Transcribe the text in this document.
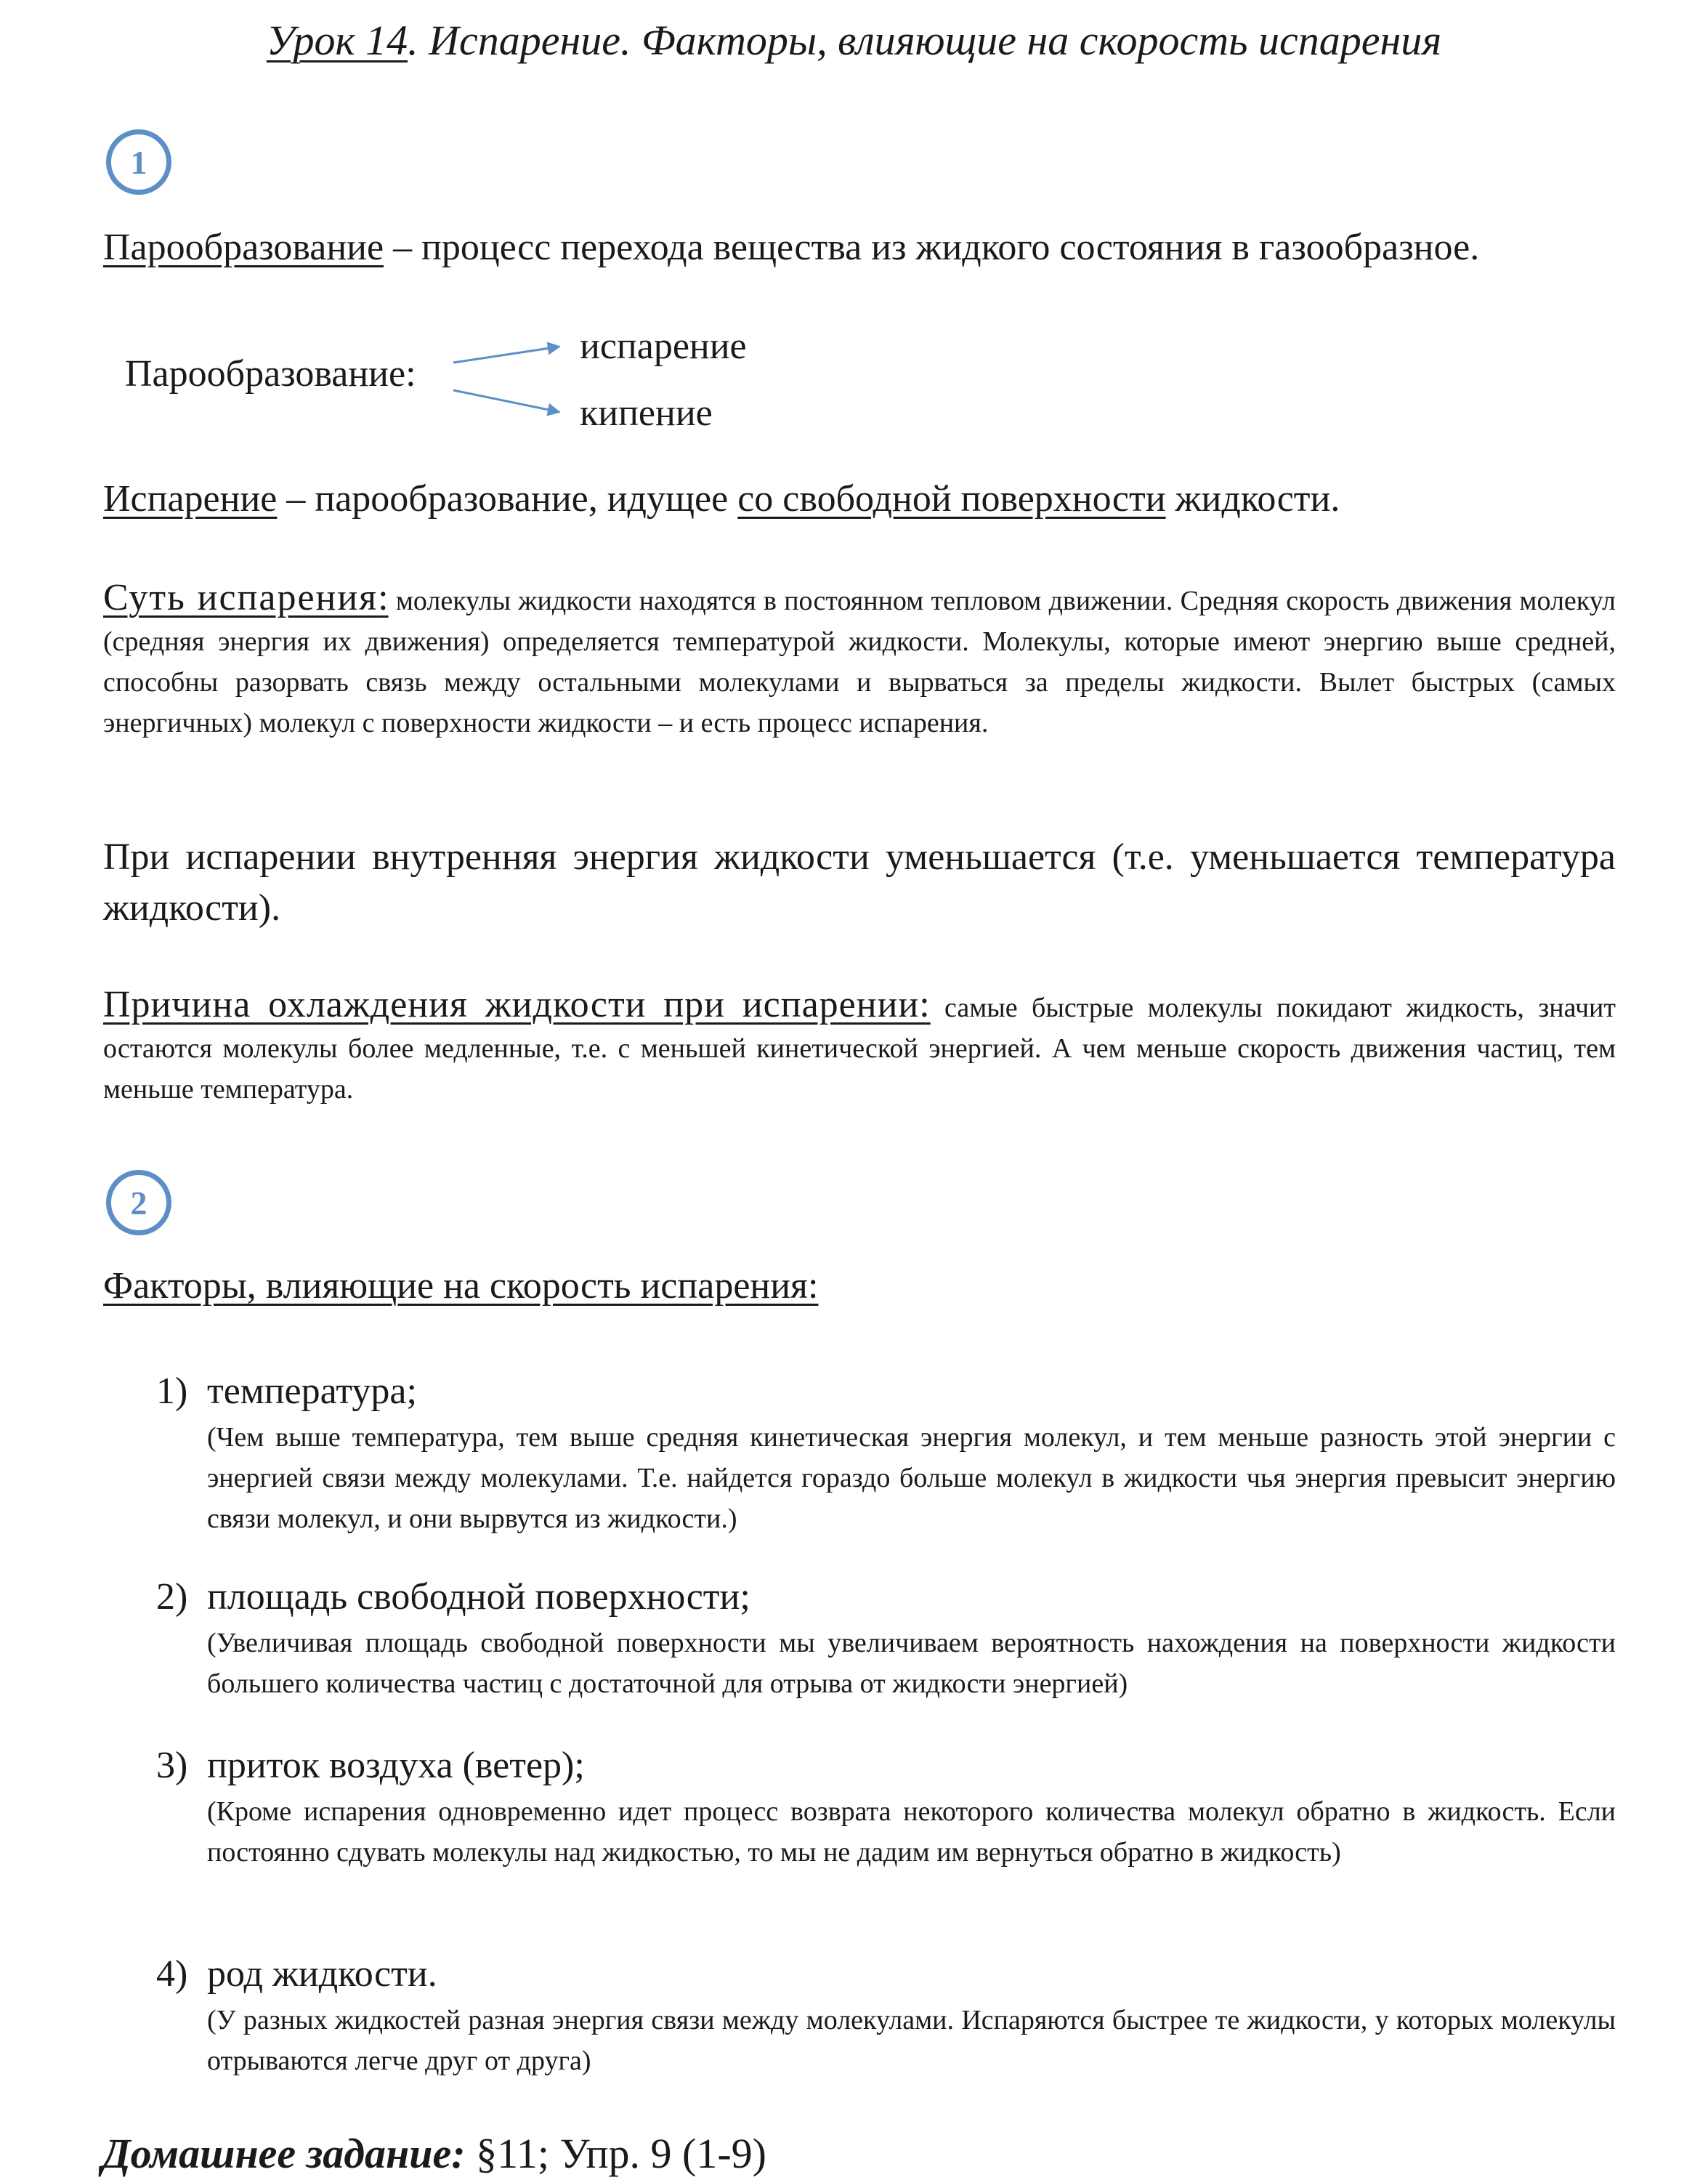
Урок 14. Испарение. Факторы, влияющие на скорость испарения
1
Парообразование – процесс перехода вещества из жидкого состояния в газообразное.
Парообразование:
испарение
кипение
Испарение – парообразование, идущее со свободной поверхности жидкости.
Суть испарения: молекулы жидкости находятся в постоянном тепловом движении. Средняя скорость движения молекул (средняя энергия их движения) определяется температурой жидкости. Молекулы, которые имеют энергию выше средней, способны разорвать связь между остальными молекулами и вырваться за пределы жидкости. Вылет быстрых (самых энергичных) молекул с поверхности жидкости – и есть процесс испарения.
При испарении внутренняя энергия жидкости уменьшается (т.е. уменьшается температура жидкости).
Причина охлаждения жидкости при испарении: самые быстрые молекулы покидают жидкость, значит остаются молекулы более медленные, т.е. с меньшей кинетической энергией. А чем меньше скорость движения частиц, тем меньше температура.
2
Факторы, влияющие на скорость испарения:
1) температура;
(Чем выше температура, тем выше средняя кинетическая энергия молекул, и тем меньше разность этой энергии с энергией связи между молекулами. Т.е. найдется гораздо больше молекул в жидкости чья энергия превысит энергию связи молекул, и они вырвутся из жидкости.)
2) площадь свободной поверхности;
(Увеличивая площадь свободной поверхности мы увеличиваем вероятность нахождения на поверхности жидкости большего количества частиц с достаточной для отрыва от жидкости энергией)
3) приток воздуха (ветер);
(Кроме испарения одновременно идет процесс возврата некоторого количества молекул обратно в жидкость. Если постоянно сдувать молекулы над жидкостью, то мы не дадим им вернуться обратно в жидкость)
4) род жидкости.
(У разных жидкостей разная энергия связи между молекулами. Испаряются быстрее те жидкости, у которых молекулы отрываются легче друг от друга)
Домашнее задание: §11; Упр. 9 (1-9)
